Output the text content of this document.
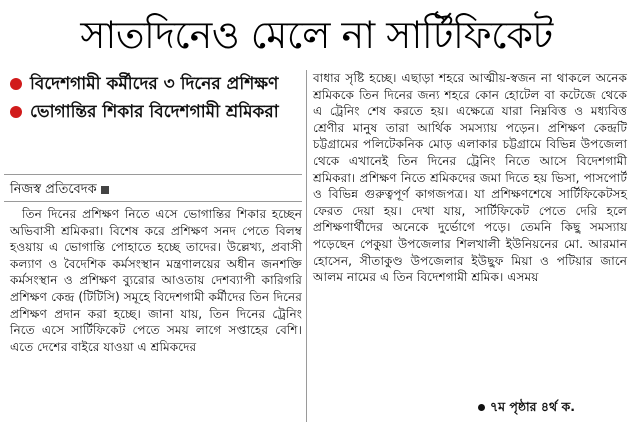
সাতদিনেও মেলে না সার্টিফিকেট
বিদেশগামী কর্মীদের ৩ দিনের প্রশিক্ষণ
ভোগান্তির শিকার বিদেশগামী শ্রমিকরা
নিজস্ব প্রতিবেদক

তিন দিনের প্রশিক্ষণ নিতে এসে ভোগান্তির শিকার হচ্ছেন অভিবাসী শ্রমিকরা। বিশেষ করে প্রশিক্ষণ সনদ পেতে বিলম্ব হওয়ায় এ ভোগান্তি পোহাতে হচ্ছে তাদের। উল্লেখ্য, প্রবাসী কল্যাণ ও বৈদেশিক কর্মসংস্থান মন্ত্রণালয়ের অধীন জনশক্তি কর্মসংস্থান ও প্রশিক্ষণ ব্যুরোর আওতায় দেশব্যাপী কারিগরি প্রশিক্ষণ কেন্দ্র (টিটিসি) সমূহে বিদেশগামী কর্মীদের তিন দিনের প্রশিক্ষণ প্রদান করা হচ্ছে। জানা যায়, তিন দিনের ট্রেনিং নিতে এসে সার্টিফিকেট পেতে সময় লাগে সপ্তাহের বেশি। এতে দেশের বাইরে যাওয়া এ শ্রমিকদের

বাধার সৃষ্টি হচ্ছে। এছাড়া শহরে আত্মীয়-স্বজন না থাকলে অনেক শ্রমিককে তিন দিনের জন্য শহরে কোন হোটেল বা কটেজে থেকে এ ট্রেনিং শেষ করতে হয়। এক্ষেত্রে যারা নিম্নবিত্ত ও মধ্যবিত্ত শ্রেণীর মানুষ তারা আর্থিক সমস্যায় পড়েন। প্রশিক্ষণ কেন্দ্রটি চট্টগ্রামের পলিটেকনিক মোড় এলাকার চট্টগ্রামে বিভিন্ন উপজেলা থেকে এখানেই তিন দিনের ট্রেনিং নিতে আসে বিদেশগামী শ্রমিকরা। প্রশিক্ষণ নিতে শ্রমিকদের জমা দিতে হয় ভিসা, পাসপোর্ট ও বিভিন্ন গুরুত্বপূর্ণ কাগজপত্র। যা প্রশিক্ষণশেষে সার্টিফিকেটসহ ফেরত দেয়া হয়। দেখা যায়, সার্টিফিকেট পেতে দেরি হলে প্রশিক্ষণার্থীদের অনেকে দুর্ভোগে পড়ে। তেমনি কিছু সমস্যায় পড়েছেন পেকুয়া উপজেলার শিলখালী ইউনিয়নের মো. আরমান হোসেন, সীতাকুণ্ড উপজেলার ইউছুফ মিয়া ও পটিয়ার জানে আলম নামের এ তিন বিদেশগামী শ্রমিক। এসময়

৭ম পৃষ্ঠার ৪র্থ ক.
